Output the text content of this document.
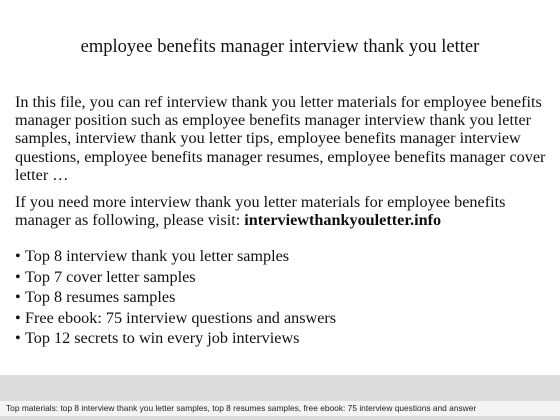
employee benefits manager interview thank you letter
In this file, you can ref interview thank you letter materials for employee benefits manager position such as employee benefits manager interview thank you letter samples, interview thank you letter tips, employee benefits manager interview questions, employee benefits manager resumes, employee benefits manager cover letter …
If you need more interview thank you letter materials for employee benefits manager as following, please visit: interviewthankyouletter.info
• Top 8 interview thank you letter samples
• Top 7 cover letter samples
• Top 8 resumes samples
• Free ebook: 75 interview questions and answers
• Top 12 secrets to win every job interviews
Top materials: top 8 interview thank you letter samples, top 8 resumes samples, free ebook: 75 interview questions and answer
